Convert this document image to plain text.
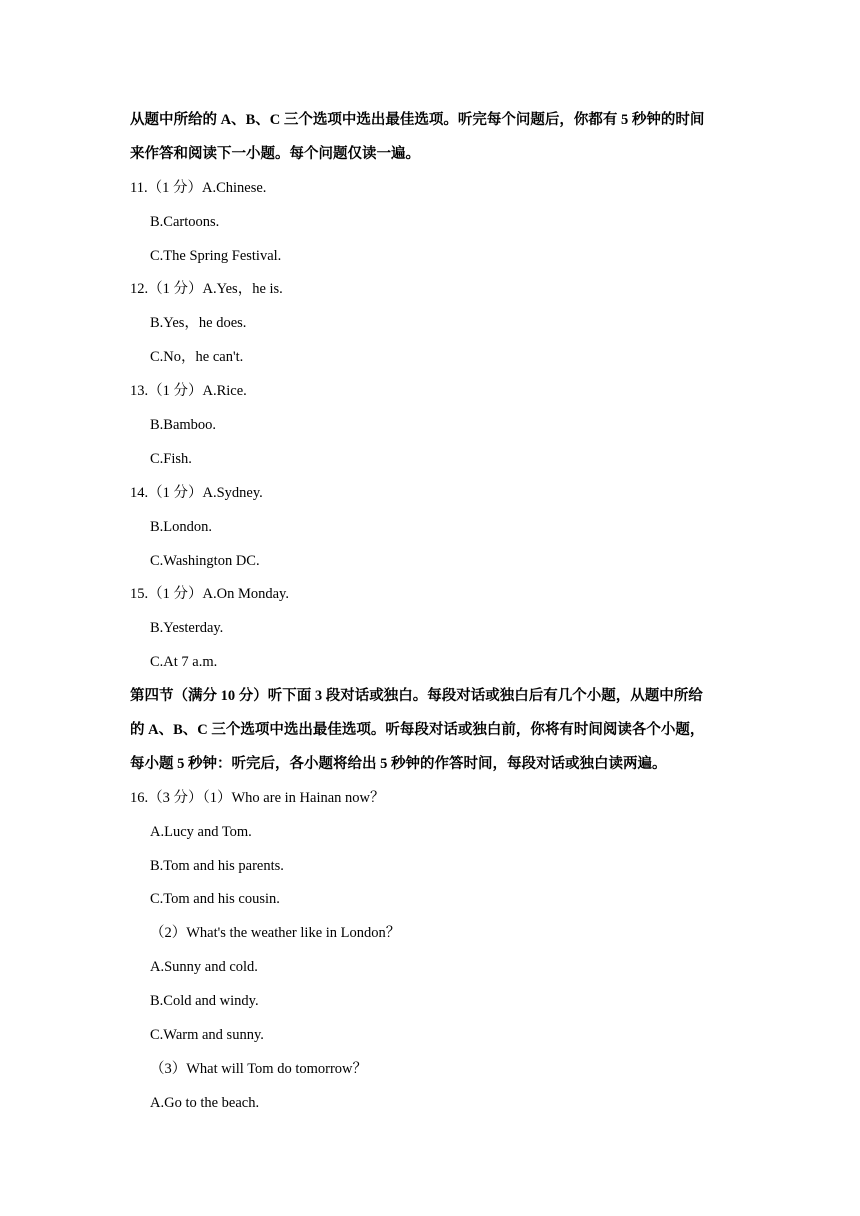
从题中所给的 A、B、C 三个选项中选出最佳选项。听完每个问题后，你都有 5 秒钟的时间
来作答和阅读下一小题。每个问题仅读一遍。
11.（1 分）A.Chinese.
B.Cartoons.
C.The Spring Festival.
12.（1 分）A.Yes，he is.
B.Yes，he does.
C.No，he can't.
13.（1 分）A.Rice.
B.Bamboo.
C.Fish.
14.（1 分）A.Sydney.
B.London.
C.Washington DC.
15.（1 分）A.On Monday.
B.Yesterday.
C.At 7 a.m.
第四节（满分 10 分）听下面 3 段对话或独白。每段对话或独白后有几个小题，从题中所给
的 A、B、C 三个选项中选出最佳选项。听每段对话或独白前，你将有时间阅读各个小题，
每小题 5 秒钟：听完后，各小题将给出 5 秒钟的作答时间，每段对话或独白读两遍。
16.（3 分）（1）Who are in Hainan now？
A.Lucy and Tom.
B.Tom and his parents.
C.Tom and his cousin.
（2）What's the weather like in London？
A.Sunny and cold.
B.Cold and windy.
C.Warm and sunny.
（3）What will Tom do tomorrow？
A.Go to the beach.
